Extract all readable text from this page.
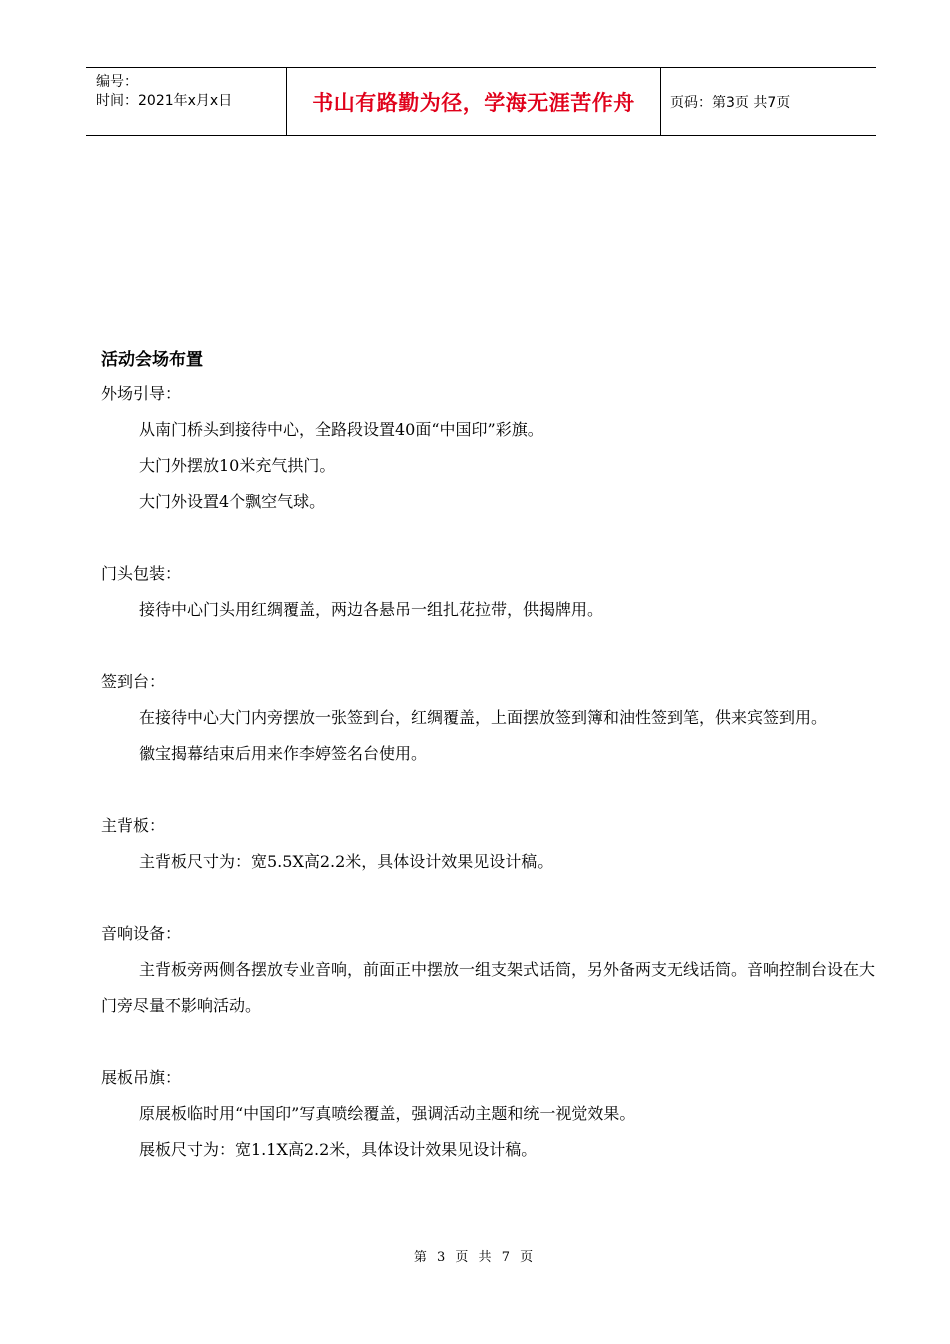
编号：
时间：2021年x月x日	书山有路勤为径，学海无涯苦作舟	页码：第3页 共7页
活动会场布置
外场引导：

从南门桥头到接待中心，全路段设置40面“中国印”彩旗。

大门外摆放10米充气拱门。

大门外设置4个飘空气球。

门头包装：

接待中心门头用红绸覆盖，两边各悬吊一组扎花拉带，供揭牌用。

签到台：

在接待中心大门内旁摆放一张签到台，红绸覆盖，上面摆放签到簿和油性签到笔，供来宾签到用。

徽宝揭幕结束后用来作李婷签名台使用。

主背板：

主背板尺寸为：宽5.5X高2.2米，具体设计效果见设计稿。

音响设备：

主背板旁两侧各摆放专业音响，前面正中摆放一组支架式话筒，另外备两支无线话筒。音响控制台设在大门旁尽量不影响活动。

展板吊旗：

原展板临时用“中国印”写真喷绘覆盖，强调活动主题和统一视觉效果。

展板尺寸为：宽1.1X高2.2米，具体设计效果见设计稿。

第 3 页 共 7 页
